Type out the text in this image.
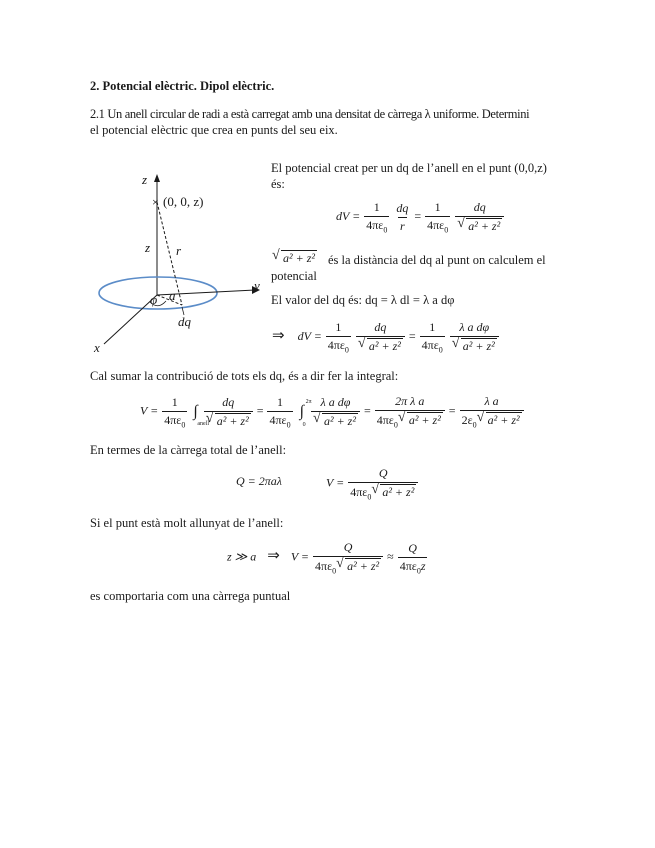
2. Potencial elèctric. Dipol elèctric.
2.1 Un anell circular de radi a està carregat amb una densitat de càrrega λ uniforme. Determini
el potencial elèctric que crea en punts del seu eix.
×
z
(0, 0, z)
z r
φ a
dq
y
x
El potencial creat per un dq de l’anell en el punt (0,0,z)
és:
dV = $\frac{1}{4\pi\varepsilon_0}$
$\frac{dq}{r} = \frac{1}{4\pi\varepsilon_0}$
dq
√ a² + z²
√ a² + z² és la distància del dq al punt on calculem el
potencial
El valor del dq és: dq = λ dl = λ a dφ
⇒ dV = $\frac{1}{4\pi\varepsilon_0}$
dq
√ $a^2 + z^2 = \frac{1}{4\pi\varepsilon_0}$
λ a dφ
√ a² + z²
Cal sumar la contribució de tots els dq, és a dir fer la integral:
$V = \frac{1}{4\pi\varepsilon_0}$ ∫
anell

dq
√ $a^2 + z^2 = \frac{1}{4\pi\varepsilon_0}$ ∫
2π
0
λ a dφ
√ $a^2 + z^2 = \frac{\text{2π λ a}}{4\pi\varepsilon_0 √ a^2 + z^2} = \frac{\text{λ a}}{2\varepsilon_0 √ a^2 + z^2}$
En termes de la càrrega total de l’anell:
Q = 2πaλ	$V = \frac{Q}{4\pi\varepsilon_0 √ a^2 + z^2}$
Si el punt està molt allunyat de l’anell:
z ≫ a ⇒ $V = \frac{Q}{4\pi\varepsilon_0 √ a^2 + z^2} \approx \frac{Q}{4\pi\varepsilon_0z}$
es comportaria com una càrrega puntual
